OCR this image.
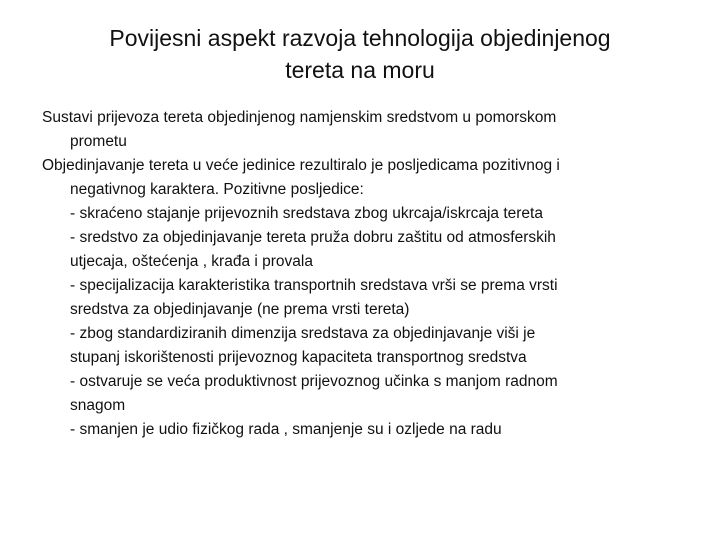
Povijesni aspekt razvoja tehnologija objedinjenog
tereta na moru

Sustavi prijevoza tereta objedinjenog namjenskim sredstvom u pomorskom
prometu

Objedinjavanje tereta u veće jedinice rezultiralo je posljedicama pozitivnog i
negativnog karaktera. Pozitivne posljedice:

- skraćeno stajanje prijevoznih sredstava zbog ukrcaja/iskrcaja tereta
- sredstvo za objedinjavanje tereta pruža dobru zaštitu od atmosferskih
utjecaja, oštećenja , krađa i provala
- specijalizacija karakteristika transportnih sredstava vrši se prema vrsti
sredstva za objedinjavanje (ne prema vrsti tereta)
- zbog standardiziranih dimenzija sredstava za objedinjavanje viši je
stupanj iskorištenosti prijevoznog kapaciteta transportnog sredstva
- ostvaruje se veća produktivnost prijevoznog učinka s manjom radnom
snagom
- smanjen je udio fizičkog rada , smanjenje su i ozljede na radu
